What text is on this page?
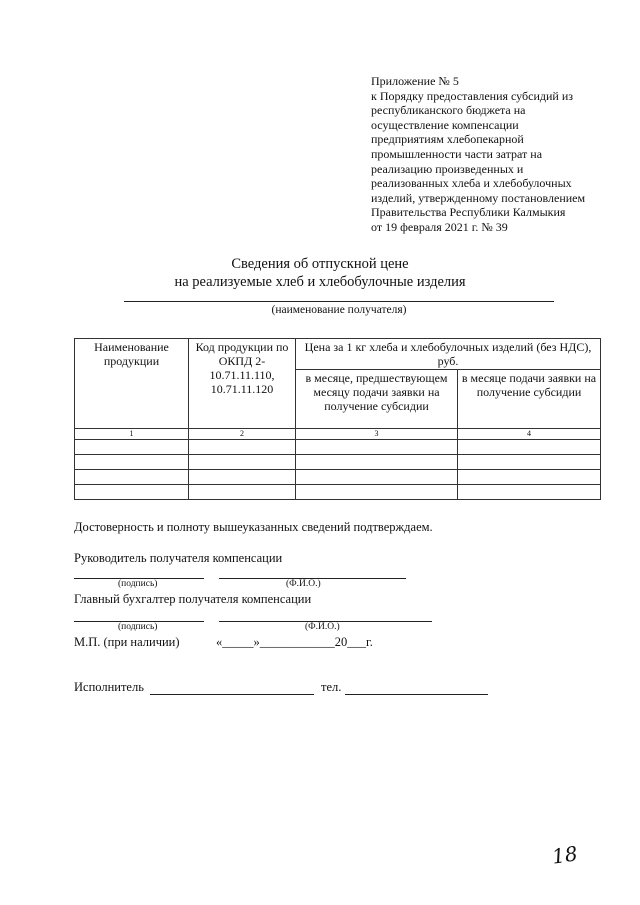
Приложение № 5
к Порядку предоставления субсидий из
республиканского бюджета на
осуществление компенсации
предприятиям хлебопекарной
промышленности части затрат на
реализацию произведенных и
реализованных хлеба и хлебобулочных
изделий, утвержденному постановлением
Правительства Республики Калмыкия
от 19 февраля 2021 г. № 39
Сведения об отпускной цене
на реализуемые хлеб и хлебобулочные изделия
(наименование получателя)
Наименование продукции	Код продукции по ОКПД 2-10.71.11.110, 10.71.11.120	Цена за 1 кг хлеба и хлебобулочных изделий (без НДС), руб.	
		в месяце, предшествующем месяцу подачи заявки на получение субсидии	в месяце подачи заявки на получение субсидии
1	2	3	4

Достоверность и полноту вышеуказанных сведений подтверждаем.
Руководитель получателя компенсации
(подпись)	(Ф.И.О.)
Главный бухгалтер получателя компенсации
(подпись)	(Ф.И.О.)
М.П. (при наличии)	«_____»____________20___г.
Исполнитель	тел.
18
